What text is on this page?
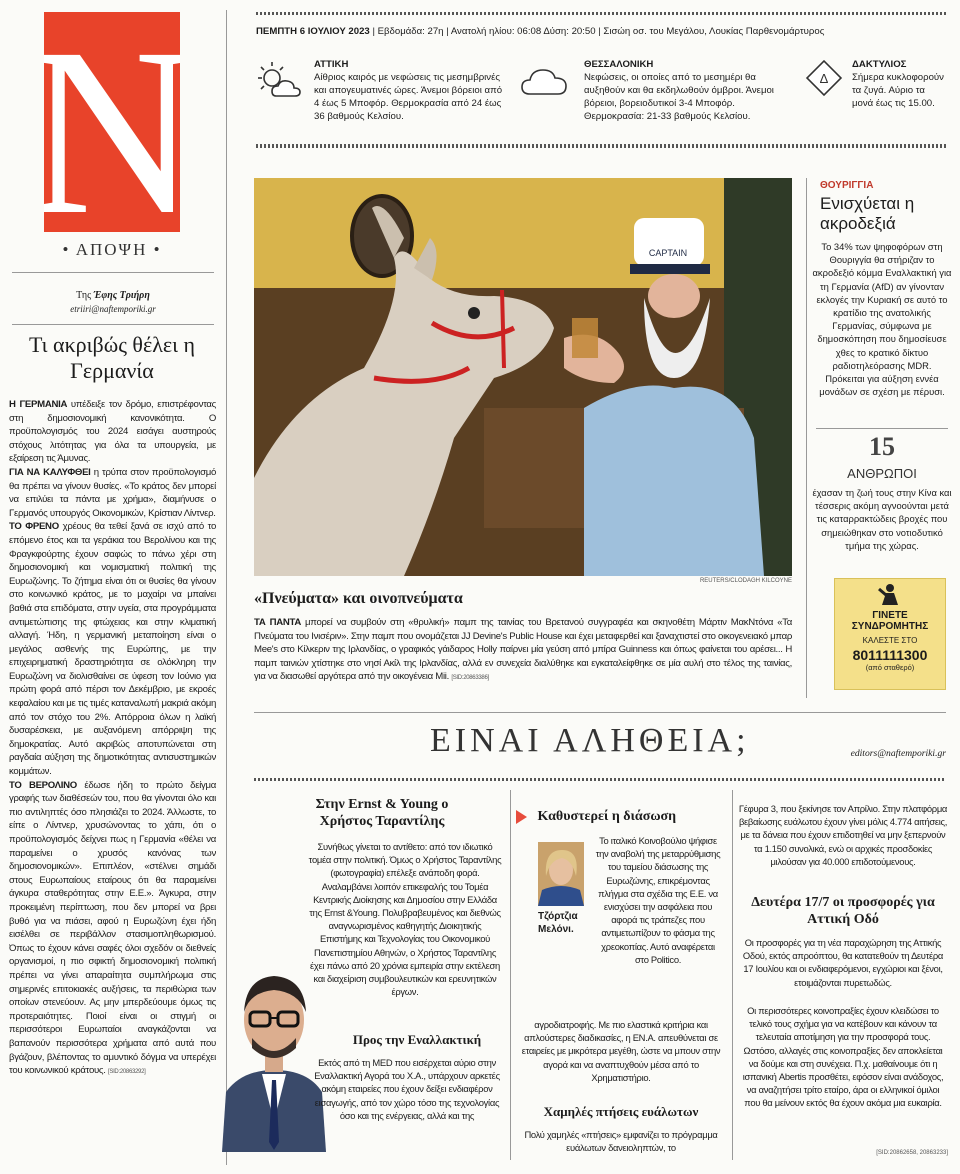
N
• ΑΠΟΨΗ •
Της Έφης Τριήρη
etriiri@naftemporiki.gr
Τι ακριβώς θέλει η Γερμανία

Η ΓΕΡΜΑΝΙΑ υπέδειξε τον δρόμο, επιστρέφοντας στη δημοσιονομική κανονικότητα. Ο προϋπολογισμός του 2024 εισάγει αυστηρούς στόχους λιτότητας για όλα τα υπουργεία, με εξαίρεση τις Άμυνας.

ΓΙΑ ΝΑ ΚΑΛΥΦΘΕΙ η τρύπα στον προϋπολογισμό θα πρέπει να γίνουν θυσίες. «Το κράτος δεν μπορεί να επιλύει τα πάντα με χρήμα», διαμήνυσε ο Γερμανός υπουργός Οικονομικών, Κρίστιαν Λίντνερ.

ΤΟ ΦΡΕΝΟ χρέους θα τεθεί ξανά σε ισχύ από το επόμενο έτος και τα γεράκια του Βερολίνου και της Φραγκφούρτης έχουν σαφώς το πάνω χέρι στη δημοσιονομική και νομισματική πολιτική της Ευρωζώνης. Το ζήτημα είναι ότι οι θυσίες θα γίνουν στο κοινωνικό κράτος, με το μαχαίρι να μπαίνει βαθιά στα επιδόματα, στην υγεία, στα προγράμματα αντιμετώπισης της φτώχειας και στην κλιματική αλλαγή. Ήδη, η γερμανική μεταποίηση είναι ο μεγάλος ασθενής της Ευρώπης, με την επιχειρηματική δραστηριότητα σε ολόκληρη την Ευρωζώνη να διολισθαίνει σε ύφεση τον Ιούνιο για πρώτη φορά από πέρσι τον Δεκέμβριο, με εκροές κεφαλαίου και με τις τιμές καταναλωτή μακριά ακόμη από τον στόχο του 2%. Απόρροια όλων η λαϊκή δυσαρέσκεια, με αυξανόμενη απόρριψη της δημοκρατίας. Αυτό ακριβώς αποτυπώνεται στη ραγδαία αύξηση της δημοτικότητας αντισυστημικών κομμάτων.

ΤΟ ΒΕΡΟΛΙΝΟ έδωσε ήδη το πρώτο δείγμα γραφής των διαθέσεών του, που θα γίνονται όλο και πιο αντιληπτές όσο πλησιάζει το 2024. Άλλωστε, το είπε ο Λίντνερ, χρυσώνοντας το χάπι, ότι ο προϋπολογισμός δείχνει πως η Γερμανία «θέλει να παραμείνει ο χρυσός κανόνας των δημοσιονομικών». Επιπλέον, «στέλνει σημάδι στους Ευρωπαίους εταίρους ότι θα παραμείνει άγκυρα σταθερότητας στην Ε.Ε.». Άγκυρα, στην προκειμένη περίπτωση, που δεν μπορεί να βρει βυθό για να πιάσει, αφού η Ευρωζώνη έχει ήδη εισέλθει σε περιβάλλον στασιμοπληθωρισμού. Όπως το έχουν κάνει σαφές όλοι σχεδόν οι διεθνείς οργανισμοί, η πιο σφικτή δημοσιονομική πολιτική πρέπει να γίνει απαραίτητα συμπλήρωμα στις σημερινές επιτοκιακές αυξήσεις, τα περιθώρια των οποίων στενεύουν. Ας μην μπερδεύουμε όμως τις προτεραιότητες. Ποιοί είναι οι στιγμή οι περισσότεροι Ευρωπαίοι αναγκάζονται να βαπανούν περισσότερα χρήματα από αυτά που βγάζουν, βλέποντας το αμυντικό δόγμα να υπερέχει του κοινωνικού κράτους. [SID:20863292]

ΠΕΜΠΤΗ 6 ΙΟΥΛΙΟΥ 2023 | Εβδομάδα: 27η | Ανατολή ηλίου: 06:08 Δύση: 20:50 | Σισώη οσ. του Μεγάλου, Λουκίας Παρθενομάρτυρος
ΑΤΤΙΚΗ
Αίθριος καιρός με νεφώσεις τις μεσημβρινές και απογευματινές ώρες. Άνεμοι βόρειοι από 4 έως 5 Μποφόρ. Θερμοκρασία από 24 έως 36 βαθμούς Κελσίου.
ΘΕΣΣΑΛΟΝΙΚΗ
Νεφώσεις, οι οποίες από το μεσημέρι θα αυξηθούν και θα εκδηλωθούν όμβροι. Άνεμοι βόρειοι, βορειοδυτικοί 3-4 Μποφόρ. Θερμοκρασία: 21-33 βαθμούς Κελσίου.
Δ
ΔΑΚΤΥΛΙΟΣ
Σήμερα κυκλοφορούν τα ζυγά. Αύριο τα μονά έως τις 15.00.
CAPTAIN
REUTERS/CLODAGH KILCOYNE
«Πνεύματα» και οινοπνεύματα
ΤΑ ΠΑΝΤΑ μπορεί να συμβούν στη «θρυλική» παμπ της ταινίας του Βρετανού συγγραφέα και σκηνοθέτη Μάρτιν ΜακΝτόνα «Τα Πνεύματα του Ινισέριν». Στην παμπ που ονομάζεται JJ Devine's Public House και έχει μεταφερθεί και ξαναχτιστεί στο οικογενειακό μπαρ Mee's στο Κίλκεριν της Ιρλανδίας, ο γραφικός γάιδαρος Holly παίρνει μία γεύση από μπίρα Guinness και όπως φαίνεται του αρέσει... Η παμπ ταινιών χτίστηκε στο νησί Ακίλ της Ιρλανδίας, αλλά εν συνεχεία διαλύθηκε και εγκαταλείφθηκε σε μία αυλή στο τέλος της ταινίας, για να διασωθεί αργότερα από την οικογένεια Mii. [SID:20863386]
ΘΟΥΡΙΓΓΙΑ
Ενισχύεται η ακροδεξιά
Το 34% των ψηφοφόρων στη Θουριγγία θα στήριζαν το ακροδεξιό κόμμα Εναλλακτική για τη Γερμανία (AfD) αν γίνονταν εκλογές την Κυριακή σε αυτό το κρατίδιο της ανατολικής Γερμανίας, σύμφωνα με δημοσκόπηση που δημοσίευσε χθες το κρατικό δίκτυο ραδιοτηλεόρασης MDR. Πρόκειται για αύξηση εννέα μονάδων σε σχέση με πέρυσι.
15
ΑΝΘΡΩΠΟΙ
έχασαν τη ζωή τους στην Κίνα και τέσσερις ακόμη αγνοούνται μετά τις καταρρακτώδεις βροχές που σημειώθηκαν στο νοτιοδυτικό τμήμα της χώρας.
ΓΙΝΕΤΕ
ΣΥΝΔΡΟΜΗΤΗΣ
ΚΑΛΕΣΤΕ ΣΤΟ
8011111300
(από σταθερό)
ΕΙΝΑΙ ΑΛΗΘΕΙΑ;	editors@naftemporiki.gr
Στην Ernst & Young ο Χρήστος Ταραντίλης
Συνήθως γίνεται το αντίθετο: από τον ιδιωτικό τομέα στην πολιτική. Όμως ο Χρήστος Ταραντίλης (φωτογραφία) επέλεξε ανάποδη φορά. Αναλαμβάνει λοιπόν επικεφαλής του Τομέα Κεντρικής Διοίκησης και Δημοσίου στην Ελλάδα της Ernst &Young. Πολυβραβευμένος και διεθνώς αναγνωρισμένος καθηγητής Διοικητικής Επιστήμης και Τεχνολογίας του Οικονομικού Πανεπιστημίου Αθηνών, ο Χρήστος Ταραντίλης έχει πάνω από 20 χρόνια εμπειρία στην εκτέλεση και διαχείριση συμβουλευτικών και ερευνητικών έργων.
Προς την Εναλλακτική
Εκτός από τη MED που εισέρχεται αύριο στην Εναλλακτική Αγορά του Χ.Α., υπάρχουν αρκετές ακόμη εταιρείες που έχουν δείξει ενδιαφέρον εισαγωγής, από τον χώρο τόσο της τεχνολογίας όσο και της ενέργειας, αλλά και της
Καθυστερεί η διάσωση
Τζόρτζια Μελόνι.
Το ιταλικό Κοινοβούλιο ψήφισε την αναβολή της μεταρρύθμισης του ταμείου διάσωσης της Ευρωζώνης, επικρέμοντας πλήγμα στα σχέδια της Ε.Ε. να ενισχύσει την ασφάλεια που αφορά τις τράπεζες που αντιμετωπίζουν το φάσμα της χρεοκοπίας. Αυτό αναφέρεται στο Politico.
αγροδιατροφής. Με πιο ελαστικά κριτήρια και απλούστερες διαδικασίες, η ΕΝ.Α. απευθύνεται σε εταιρείες με μικρότερα μεγέθη, ώστε να μπουν στην αγορά και να αναπτυχθούν μέσα από το Χρηματιστήριο.
Χαμηλές πτήσεις ευάλωτων
Πολύ χαμηλές «πτήσεις» εμφανίζει το πρόγραμμα ευάλωτων δανειοληπτών, το
Γέφυρα 3, που ξεκίνησε τον Απρίλιο. Στην πλατφόρμα βεβαίωσης ευάλωτου έχουν γίνει μόλις 4.774 αιτήσεις, με τα δάνεια που έχουν επιδοτηθεί να μην ξεπερνούν τα 1.150 συνολικά, ενώ οι αρχικές προσδοκίες μιλούσαν για 40.000 επιδοτούμενους.
Δευτέρα 17/7 οι προσφορές για Αττική Οδό
Οι προσφορές για τη νέα παραχώρηση της Αττικής Οδού, εκτός απροόπτου, θα κατατεθούν τη Δευτέρα 17 Ιουλίου και οι ενδιαφερόμενοι, εγχώριοι και ξένοι, ετοιμάζονται πυρετωδώς.
Οι περισσότερες κοινοπραξίες έχουν κλειδώσει το τελικό τους σχήμα για να κατέβουν και κάνουν τα τελευταία αποτίμηση για την προσφορά τους. Ωστόσο, αλλαγές στις κοινοπραξίες δεν αποκλείεται να δούμε και στη συνέχεια. Π.χ. μαθαίνουμε ότι η ισπανική Abertis προσθέτει, εφόσον είναι ανάδοχος, να αναζητήσει τρίτο εταίρο, άρα οι ελληνικοί όμιλοι που θα μείνουν εκτός θα έχουν ακόμα μια ευκαιρία.
[SID:20862658, 20863233]
